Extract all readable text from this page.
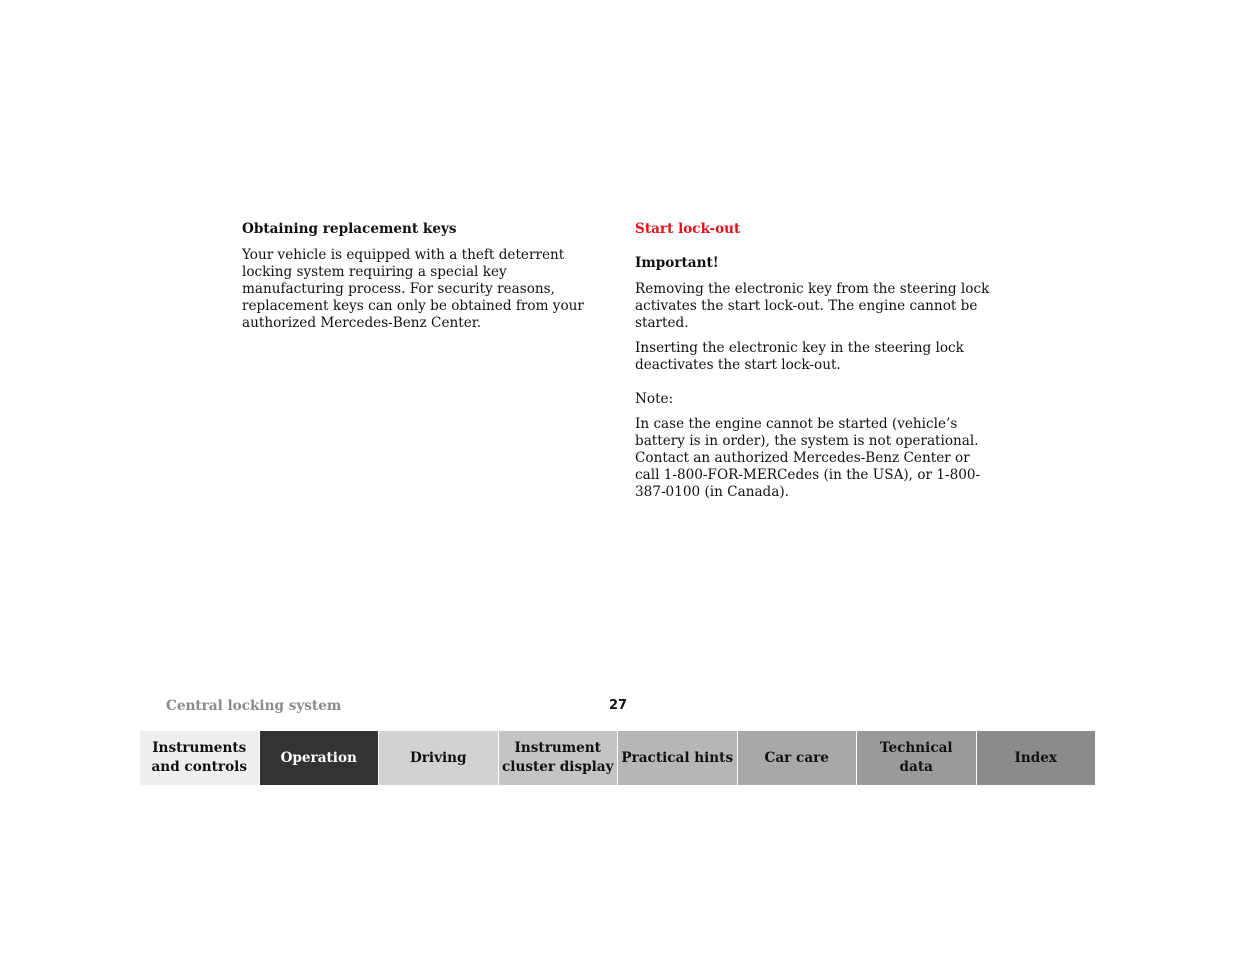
Obtaining replacement keys

Your vehicle is equipped with a theft deterrent locking system requiring a special key manufacturing process. For security reasons, replacement keys can only be obtained from your authorized Mercedes-Benz Center.

Start lock-out
Important!

Removing the electronic key from the steering lock activates the start lock-out. The engine cannot be started.

Inserting the electronic key in the steering lock deactivates the start lock-out.

Note:

In case the engine cannot be started (vehicle’s battery is in order), the system is not operational. Contact an authorized Mercedes-Benz Center or call 1-800-FOR-MERCedes (in the USA), or 1-800-387-0100 (in Canada).

Central locking system	27
Instruments
and controls
Operation	Driving
Instrument
cluster display
Practical hints	Car care
Technical
data
Index
